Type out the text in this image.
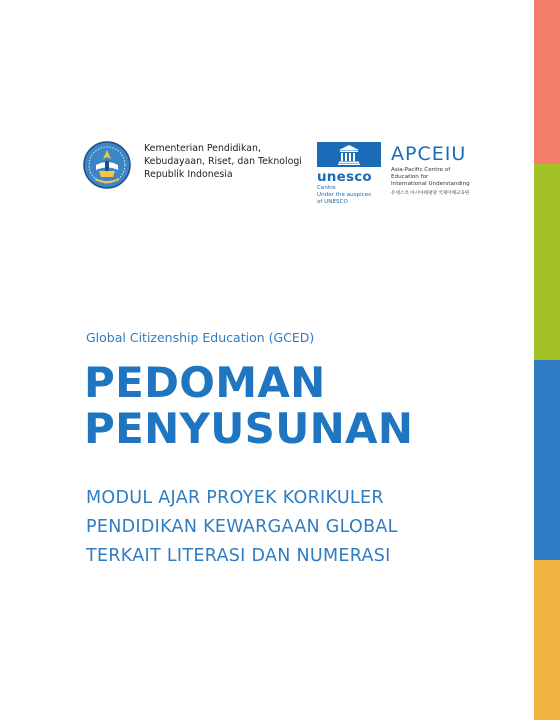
Kementerian Pendidikan,
Kebudayaan, Riset, dan Teknologi
Republik Indonesia	unesco
Centre
Under the auspices
of UNESCO
APCEIU
Asia-Pacific Centre of
Education for
International Understanding
유네스코 아시아태평양 국제이해교육원
Global Citizenship Education (GCED)
PEDOMAN
PENYUSUNAN
MODUL AJAR PROYEK KORIKULER
PENDIDIKAN KEWARGAAN GLOBAL
TERKAIT LITERASI DAN NUMERASI
